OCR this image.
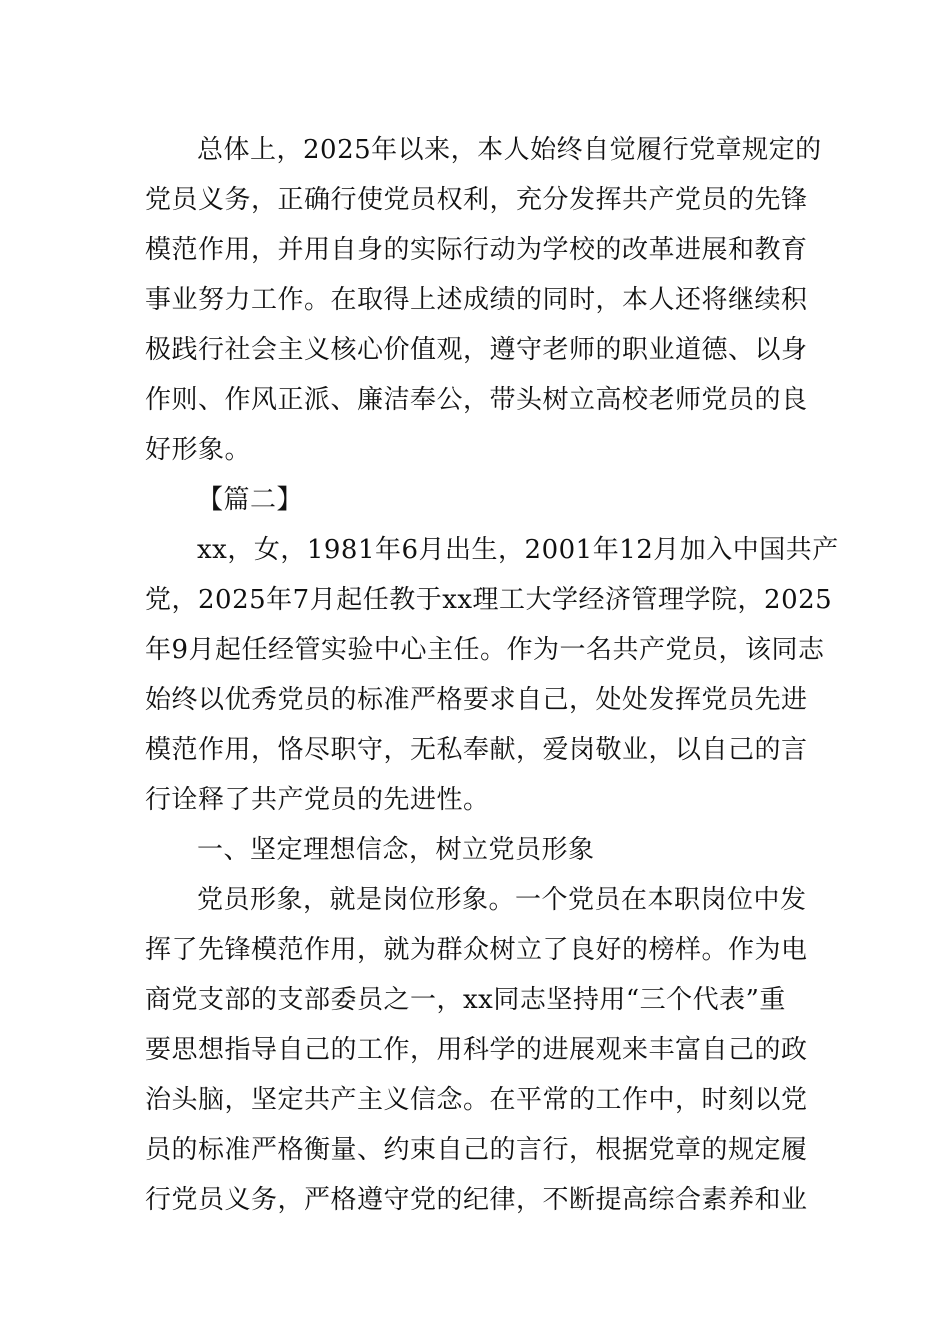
总体上，2025年以来，本人始终自觉履行党章规定的
党员义务，正确行使党员权利，充分发挥共产党员的先锋
模范作用，并用自身的实际行动为学校的改革进展和教育
事业努力工作。在取得上述成绩的同时，本人还将继续积
极践行社会主义核心价值观，遵守老师的职业道德、以身
作则、作风正派、廉洁奉公，带头树立高校老师党员的良
好形象。
【篇二】
xx，女，1981年6月出生，2001年12月加入中国共产
党，2025年7月起任教于xx理工大学经济管理学院，2025
年9月起任经管实验中心主任。作为一名共产党员，该同志
始终以优秀党员的标准严格要求自己，处处发挥党员先进
模范作用，恪尽职守，无私奉献，爱岗敬业，以自己的言
行诠释了共产党员的先进性。
一、坚定理想信念，树立党员形象
党员形象，就是岗位形象。一个党员在本职岗位中发
挥了先锋模范作用，就为群众树立了良好的榜样。作为电
商党支部的支部委员之一，xx同志坚持用“三个代表”重
要思想指导自己的工作，用科学的进展观来丰富自己的政
治头脑，坚定共产主义信念。在平常的工作中，时刻以党
员的标准严格衡量、约束自己的言行，根据党章的规定履
行党员义务，严格遵守党的纪律，不断提高综合素养和业
